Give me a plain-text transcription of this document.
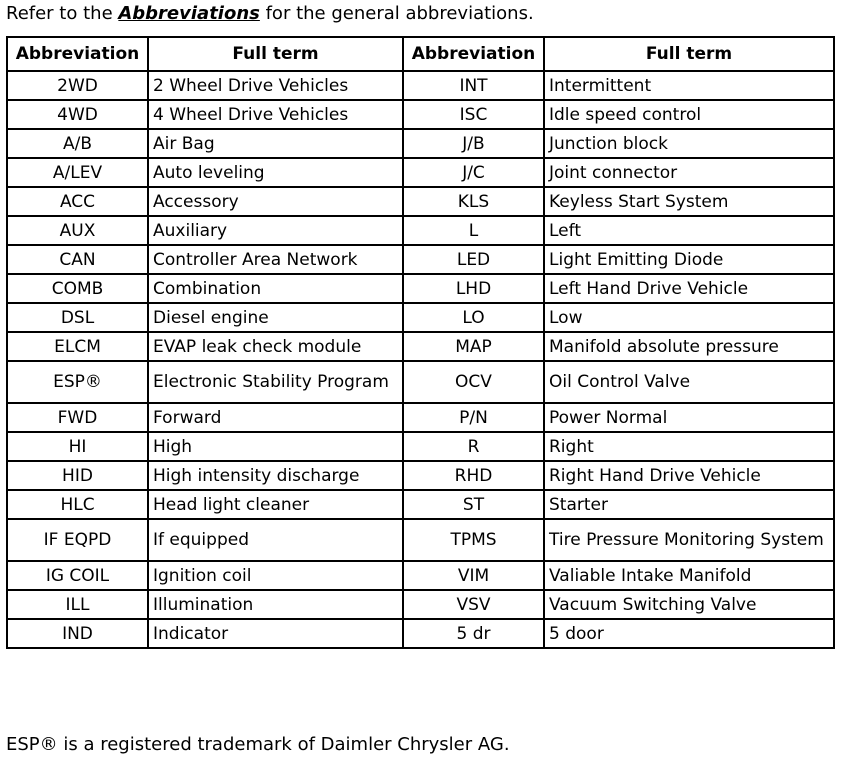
Refer to the Abbreviations for the general abbreviations.
Abbreviation	Full term	Abbreviation	Full term
2WD	2 Wheel Drive Vehicles	INT	Intermittent
4WD	4 Wheel Drive Vehicles	ISC	Idle speed control
A/B	Air Bag	J/B	Junction block
A/LEV	Auto leveling	J/C	Joint connector
ACC	Accessory	KLS	Keyless Start System
AUX	Auxiliary	L	Left
CAN	Controller Area Network	LED	Light Emitting Diode
COMB	Combination	LHD	Left Hand Drive Vehicle
DSL	Diesel engine	LO	Low
ELCM	EVAP leak check module	MAP	Manifold absolute pressure
ESP®	Electronic Stability Program	OCV	Oil Control Valve
FWD	Forward	P/N	Power Normal
HI	High	R	Right
HID	High intensity discharge	RHD	Right Hand Drive Vehicle
HLC	Head light cleaner	ST	Starter
IF EQPD	If equipped	TPMS	Tire Pressure Monitoring System
IG COIL	Ignition coil	VIM	Valiable Intake Manifold
ILL	Illumination	VSV	Vacuum Switching Valve
IND	Indicator	5 dr	5 door
ESP® is a registered trademark of Daimler Chrysler AG.
